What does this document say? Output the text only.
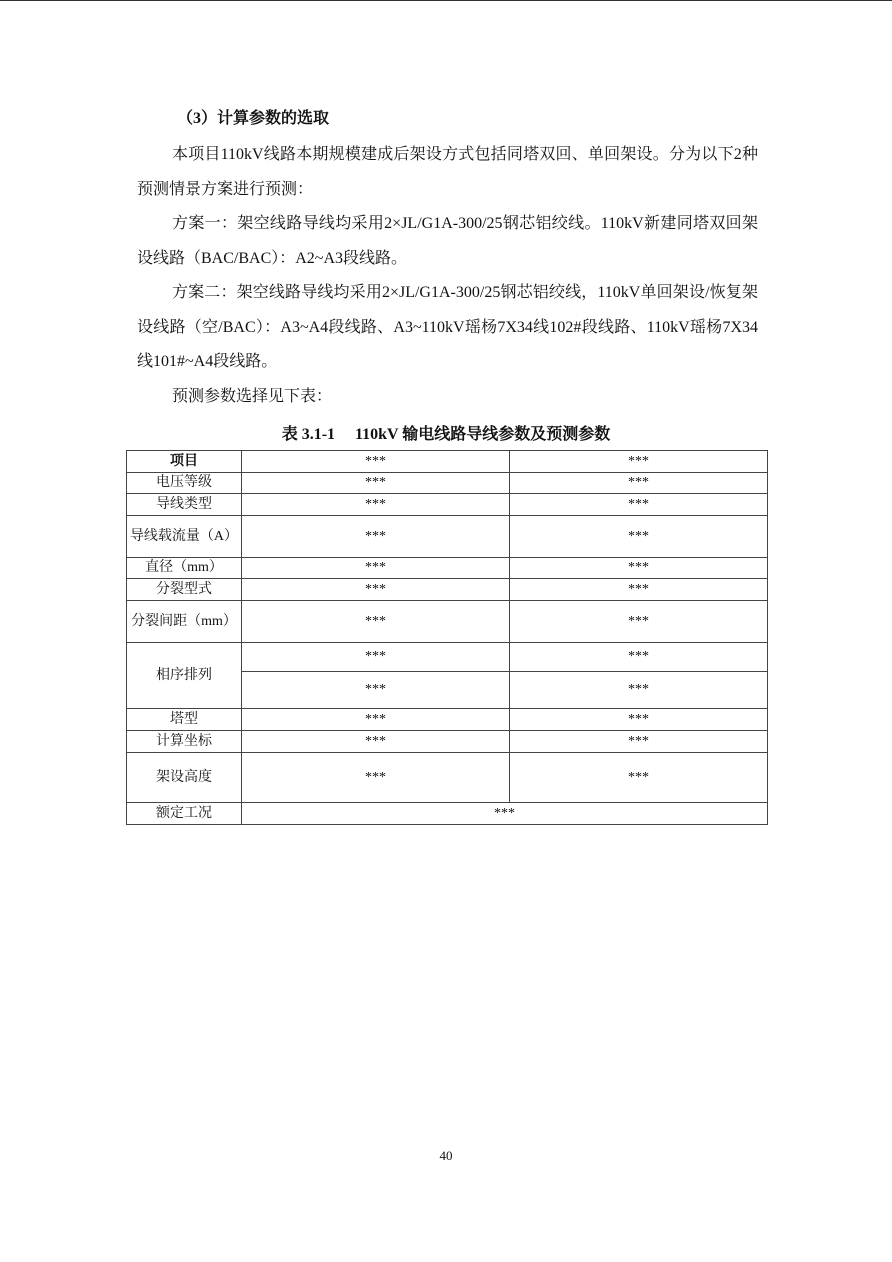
（3）计算参数的选取

本项目110kV线路本期规模建成后架设方式包括同塔双回、单回架设。分为以下2种预测情景方案进行预测：

方案一：架空线路导线均采用2×JL/G1A-300/25钢芯铝绞线。110kV新建同塔双回架设线路（BAC/BAC）：A2~A3段线路。

方案二：架空线路导线均采用2×JL/G1A-300/25钢芯铝绞线，110kV单回架设/恢复架设线路（空/BAC）：A3~A4段线路、A3~110kV瑶杨7X34线102#段线路、110kV瑶杨7X34线101#~A4段线路。

预测参数选择见下表：

表 3.1-1　 110kV 输电线路导线参数及预测参数
项目	***	***
电压等级	***	***
导线类型	***	***
导线载流量（A）	***	***
直径（mm）	***	***
分裂型式	***	***
分裂间距（mm）	***	***
相序排列	***	***
	***	***
塔型	***	***
计算坐标	***	***
架设高度	***	***
额定工况	***	
40
